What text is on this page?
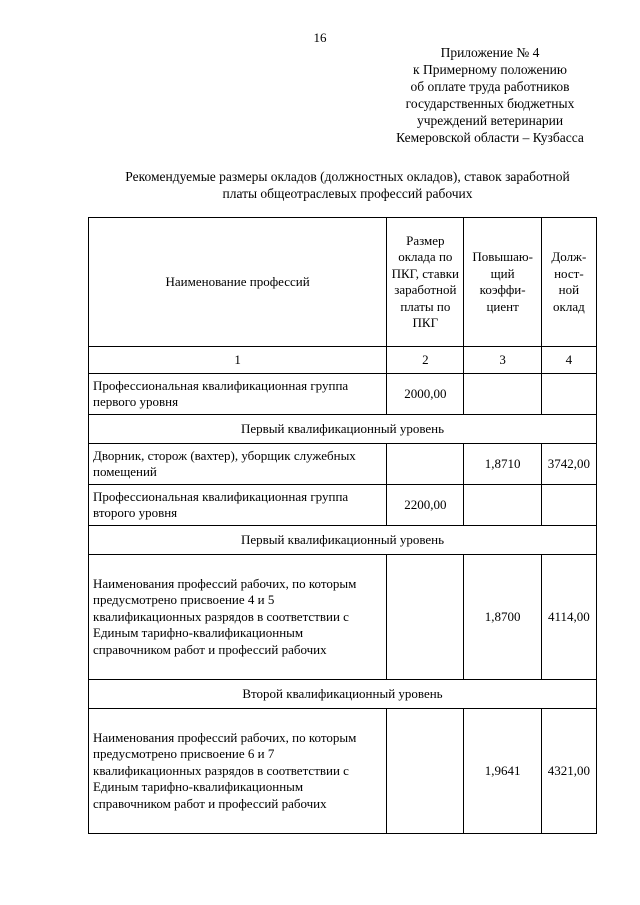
16
Приложение № 4
к Примерному положению
об оплате труда работников
государственных бюджетных
учреждений ветеринарии
Кемеровской области – Кузбасса
Рекомендуемые размеры окладов (должностных окладов), ставок заработной
платы общеотраслевых профессий рабочих
Наименование профессий	Размер оклада по ПКГ, ставки заработной платы по ПКГ	Повышаю-щий коэффи-циент	Долж-ност-ной оклад
1	2	3	4
Профессиональная квалификационная группа первого уровня	2000,00		
Первый квалификационный уровень			
Дворник, сторож (вахтер), уборщик служебных помещений		1,8710	3742,00
Профессиональная квалификационная группа второго уровня	2200,00		
Первый квалификационный уровень			
Наименования профессий рабочих, по которым предусмотрено присвоение 4 и 5 квалификационных разрядов в соответствии с Единым тарифно-квалификационным справочником работ и профессий рабочих		1,8700	4114,00
Второй квалификационный уровень			
Наименования профессий рабочих, по которым предусмотрено присвоение 6 и 7 квалификационных разрядов в соответствии с Единым тарифно-квалификационным справочником работ и профессий рабочих		1,9641	4321,00
